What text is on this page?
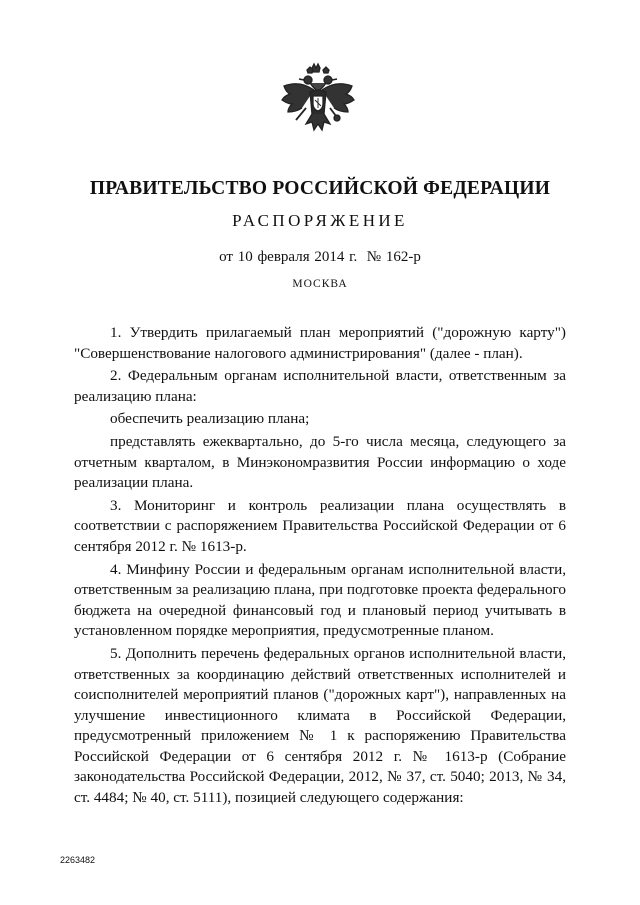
ПРАВИТЕЛЬСТВО РОССИЙСКОЙ ФЕДЕРАЦИИ
РАСПОРЯЖЕНИЕ
от 10 февраля 2014 г.  № 162-р
МОСКВА

1. Утвердить прилагаемый план мероприятий ("дорожную карту") "Совершенствование налогового администрирования" (далее - план).

2. Федеральным органам исполнительной власти, ответственным за реализацию плана:

обеспечить реализацию плана;

представлять ежеквартально, до 5-го числа месяца, следующего за отчетным кварталом, в Минэкономразвития России информацию о ходе реализации плана.

3. Мониторинг и контроль реализации плана осуществлять в соответствии с распоряжением Правительства Российской Федерации от 6 сентября 2012 г. № 1613-р.

4. Минфину России и федеральным органам исполнительной власти, ответственным за реализацию плана, при подготовке проекта федерального бюджета на очередной финансовый год и плановый период учитывать в установленном порядке мероприятия, предусмотренные планом.

5. Дополнить перечень федеральных органов исполнительной власти, ответственных за координацию действий ответственных исполнителей и соисполнителей мероприятий планов ("дорожных карт"), направленных на улучшение инвестиционного климата в Российской Федерации, предусмотренный приложением № 1 к распоряжению Правительства Российской Федерации от 6 сентября 2012 г. № 1613-р (Собрание законодательства Российской Федерации, 2012, № 37, ст. 5040; 2013, № 34, ст. 4484; № 40, ст. 5111), позицией следующего содержания:

2263482
